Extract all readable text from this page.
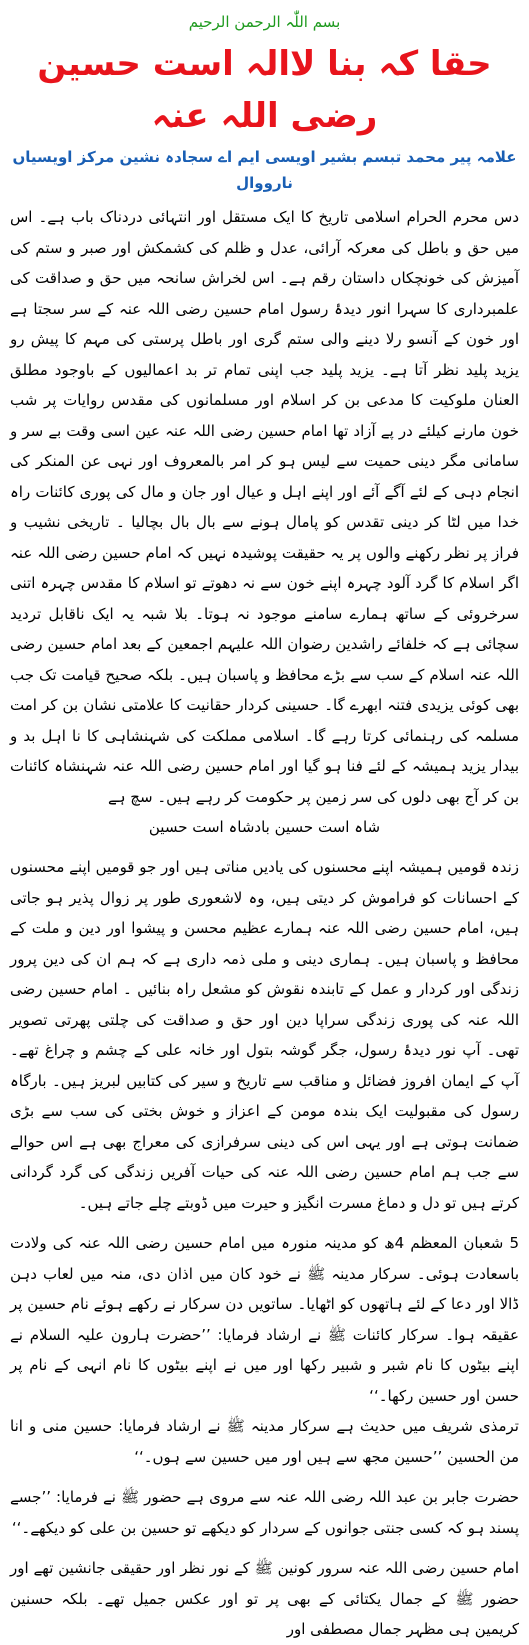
بسم اللّٰہ الرحمن الرحیم
حقا کہ بنا لاالہ است حسین رضی اللہ عنہ
علامہ پیر محمد تبسم بشیر اویسی ایم اے سجادہ نشین مرکز اویسیاں نارووال

دس محرم الحرام اسلامی تاریخ کا ایک مستقل اور انتہائی دردناک باب ہے۔ اس میں حق و باطل کی معرکہ آرائی، عدل و ظلم کی کشمکش اور صبر و ستم کی آمیزش کی خونچکاں داستان رقم ہے۔ اس لخراش سانحہ میں حق و صداقت کی علمبرداری کا سہرا انور دیدۂ رسول امام حسین رضی اللہ عنہ کے سر سجتا ہے اور خون کے آنسو رلا دینے والی ستم گری اور باطل پرستی کی مہم کا پیش رو یزید پلید نظر آتا ہے۔ یزید پلید جب اپنی تمام تر بد اعمالیوں کے باوجود مطلق العنان ملوکیت کا مدعی بن کر اسلام اور مسلمانوں کی مقدس روایات پر شب خون مارنے کیلئے در پے آزاد تھا امام حسین رضی اللہ عنہ عین اسی وقت بے سر و سامانی مگر دینی حمیت سے لیس ہو کر امر بالمعروف اور نہی عن المنکر کی انجام دہی کے لئے آگے آئے اور اپنے اہل و عیال اور جان و مال کی پوری کائنات راہ خدا میں لٹا کر دینی تقدس کو پامال ہونے سے بال بال بچالیا ۔ تاریخی نشیب و فراز پر نظر رکھنے والوں پر یہ حقیقت پوشیدہ نہیں کہ امام حسین رضی اللہ عنہ اگر اسلام کا گرد آلود چہرہ اپنے خون سے نہ دھوتے تو اسلام کا مقدس چہرہ اتنی سرخروئی کے ساتھ ہمارے سامنے موجود نہ ہوتا۔ بلا شبہ یہ ایک ناقابل تردید سچائی ہے کہ خلفائے راشدین رضوان اللہ علیہم اجمعین کے بعد امام حسین رضی اللہ عنہ اسلام کے سب سے بڑے محافظ و پاسبان ہیں۔ بلکہ صحیح قیامت تک جب بھی کوئی یزیدی فتنہ ابھرے گا۔ حسینی کردار حقانیت کا علامتی نشان بن کر امت مسلمہ کی رہنمائی کرتا رہے گا۔ اسلامی مملکت کی شہنشاہی کا نا اہل بد و بیدار یزید ہمیشہ کے لئے فنا ہو گیا اور امام حسین رضی اللہ عنہ شہنشاہ کائنات بن کر آج بھی دلوں کی سر زمین پر حکومت کر رہے ہیں۔ سچ ہے

شاہ است حسین بادشاہ است حسین

زندہ قومیں ہمیشہ اپنے محسنوں کی یادیں مناتی ہیں اور جو قومیں اپنے محسنوں کے احسانات کو فراموش کر دیتی ہیں، وہ لاشعوری طور پر زوال پذیر ہو جاتی ہیں، امام حسین رضی اللہ عنہ ہمارے عظیم محسن و پیشوا اور دین و ملت کے محافظ و پاسبان ہیں۔ ہماری دینی و ملی ذمہ داری ہے کہ ہم ان کی دین پرور زندگی اور کردار و عمل کے تابندہ نقوش کو مشعل راہ بنائیں ۔ امام حسین رضی اللہ عنہ کی پوری زندگی سراپا دین اور حق و صداقت کی چلتی پھرتی تصویر تھی۔ آپ نور دیدۂ رسول، جگر گوشہ بتول اور خانہ علی کے چشم و چراغ تھے۔ آپ کے ایمان افروز فضائل و مناقب سے تاریخ و سیر کی کتابیں لبریز ہیں۔ بارگاہ رسول کی مقبولیت ایک بندہ مومن کے اعزاز و خوش بختی کی سب سے بڑی ضمانت ہوتی ہے اور یہی اس کی دینی سرفرازی کی معراج بھی ہے اس حوالے سے جب ہم امام حسین رضی اللہ عنہ کی حیات آفریں زندگی کی گرد گردانی کرتے ہیں تو دل و دماغ مسرت انگیز و حیرت میں ڈوبتے چلے جاتے ہیں۔

5 شعبان المعظم 4ھ کو مدینہ منورہ میں امام حسین رضی اللہ عنہ کی ولادت باسعادت ہوئی۔ سرکار مدینہ ﷺ نے خود کان میں اذان دی، منہ میں لعاب دہن ڈالا اور دعا کے لئے ہاتھوں کو اٹھایا۔ ساتویں دن سرکار نے رکھے ہوئے نام حسین پر عقیقہ ہوا۔ سرکار کائنات ﷺ نے ارشاد فرمایا: ’’حضرت ہارون علیہ السلام نے اپنے بیٹوں کا نام شبر و شبیر رکھا اور میں نے اپنے بیٹوں کا نام انہی کے نام پر حسن اور حسین رکھا۔‘‘

ترمذی شریف میں حدیث ہے سرکار مدینہ ﷺ نے ارشاد فرمایا: حسین منی و انا من الحسین ’’حسین مجھ سے ہیں اور میں حسین سے ہوں۔‘‘

حضرت جابر بن عبد اللہ رضی اللہ عنہ سے مروی ہے حضور ﷺ نے فرمایا: ’’جسے پسند ہو کہ کسی جنتی جوانوں کے سردار کو دیکھے تو حسین بن علی کو دیکھے۔‘‘

امام حسین رضی اللہ عنہ سرور کونین ﷺ کے نور نظر اور حقیقی جانشین تھے اور حضور ﷺ کے جمال یکتائی کے بھی پر تو اور عکس جمیل تھے۔ بلکہ حسنین کریمین ہی مظہر جمال مصطفی اور
